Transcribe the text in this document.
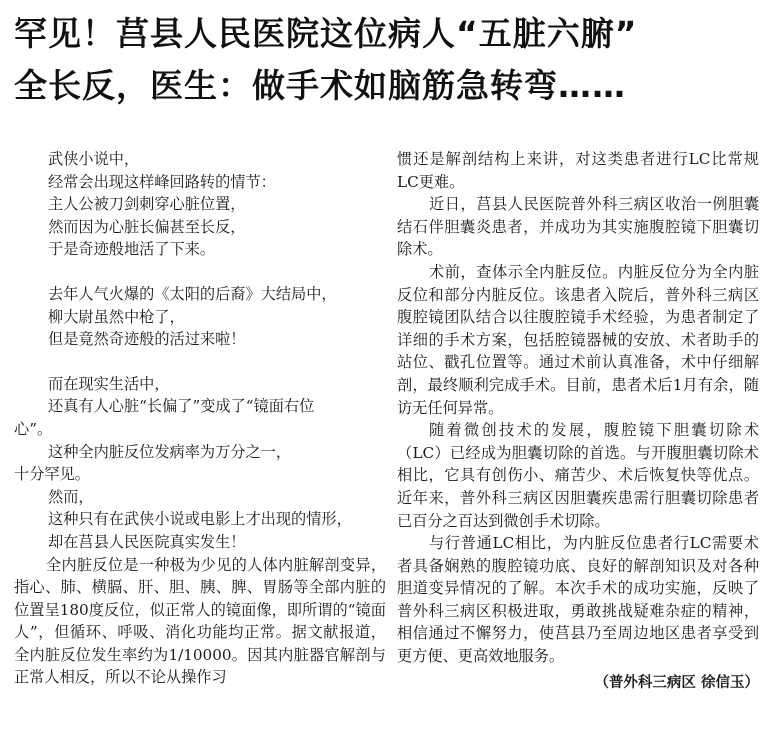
罕见！莒县人民医院这位病人“五脏六腑”
全长反，医生：做手术如脑筋急转弯……

武侠小说中，

经常会出现这样峰回路转的情节：

主人公被刀剑刺穿心脏位置，

然而因为心脏长偏甚至长反，

于是奇迹般地活了下来。

去年人气火爆的《太阳的后裔》大结局中，

柳大尉虽然中枪了，

但是竟然奇迹般的活过来啦！

而在现实生活中，

还真有人心脏“长偏了”变成了“镜面右位

心”。

这种全内脏反位发病率为万分之一，

十分罕见。

然而，

这种只有在武侠小说或电影上才出现的情形，

却在莒县人民医院真实发生！

全内脏反位是一种极为少见的人体内脏解剖变异，指心、肺、横膈、肝、胆、胰、脾、胃肠等全部内脏的位置呈180度反位，似正常人的镜面像，即所谓的“镜面人”，但循环、呼吸、消化功能均正常。据文献报道，全内脏反位发生率约为1/10000。因其内脏器官解剖与正常人相反，所以不论从操作习

惯还是解剖结构上来讲，对这类患者进行LC比常规LC更难。

近日，莒县人民医院普外科三病区收治一例胆囊结石伴胆囊炎患者，并成功为其实施腹腔镜下胆囊切除术。

术前，查体示全内脏反位。内脏反位分为全内脏反位和部分内脏反位。该患者入院后，普外科三病区腹腔镜团队结合以往腹腔镜手术经验，为患者制定了详细的手术方案，包括腔镜器械的安放、术者助手的站位、戳孔位置等。通过术前认真准备，术中仔细解剖，最终顺利完成手术。目前，患者术后1月有余，随访无任何异常。

随着微创技术的发展，腹腔镜下胆囊切除术（LC）已经成为胆囊切除的首选。与开腹胆囊切除术相比，它具有创伤小、痛苦少、术后恢复快等优点。近年来，普外科三病区因胆囊疾患需行胆囊切除患者已百分之百达到微创手术切除。

与行普通LC相比，为内脏反位患者行LC需要术者具备娴熟的腹腔镜功底、良好的解剖知识及对各种胆道变异情况的了解。本次手术的成功实施，反映了普外科三病区积极进取，勇敢挑战疑难杂症的精神，相信通过不懈努力，使莒县乃至周边地区患者享受到更方便、更高效地服务。

（普外科三病区 徐信玉）
